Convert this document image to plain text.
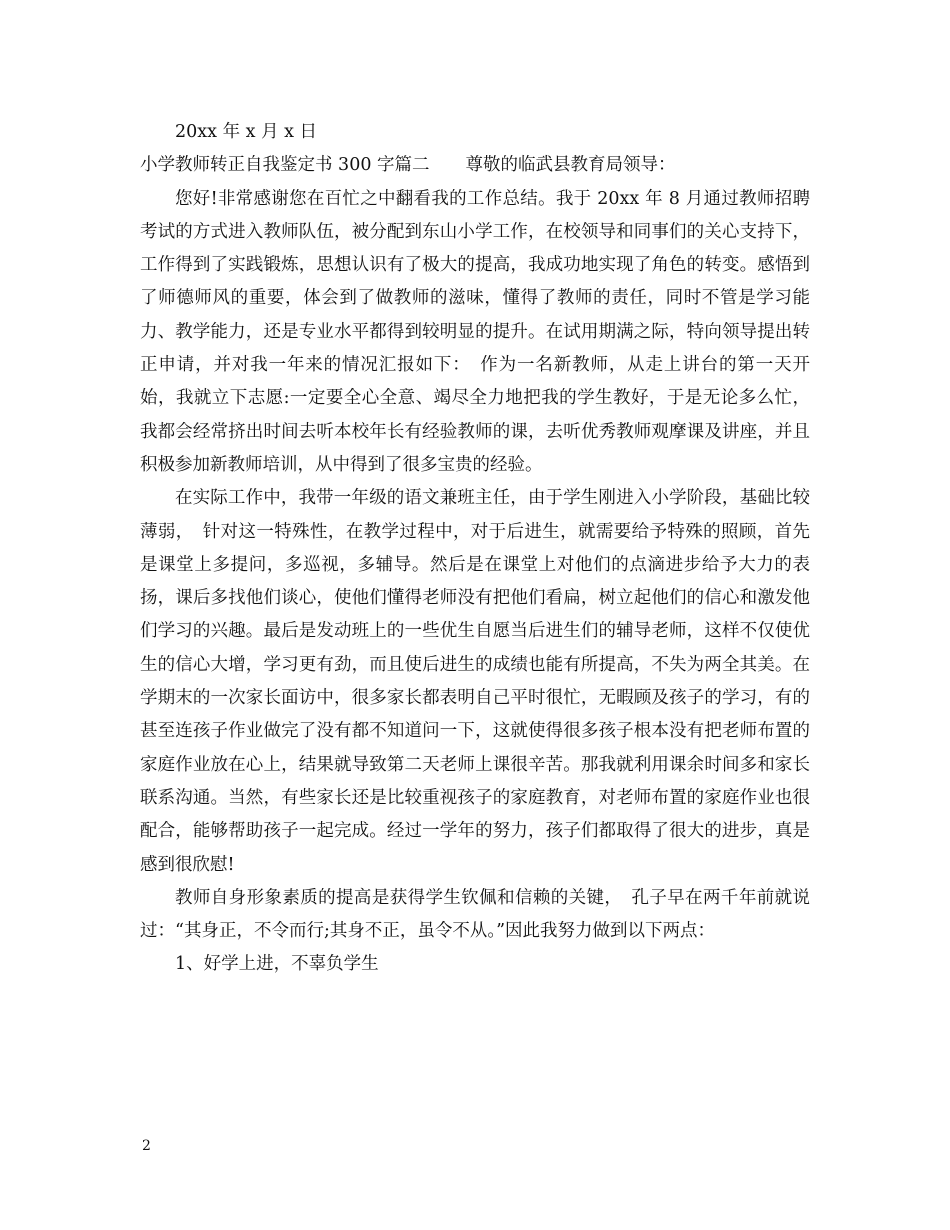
20xx 年 x 月 x 日

小学教师转正自我鉴定书 300 字篇二 尊敬的临武县教育局领导：

您好!非常感谢您在百忙之中翻看我的工作总结。我于 20xx 年 8 月通过教师招聘考试的方式进入教师队伍，被分配到东山小学工作，在校领导和同事们的关心支持下，工作得到了实践锻炼，思想认识有了极大的提高，我成功地实现了角色的转变。感悟到了师德师风的重要，体会到了做教师的滋味，懂得了教师的责任，同时不管是学习能力、教学能力，还是专业水平都得到较明显的提升。在试用期满之际，特向领导提出转正申请，并对我一年来的情况汇报如下：　作为一名新教师，从走上讲台的第一天开始，我就立下志愿:一定要全心全意、竭尽全力地把我的学生教好，于是无论多么忙，我都会经常挤出时间去听本校年长有经验教师的课，去听优秀教师观摩课及讲座，并且积极参加新教师培训，从中得到了很多宝贵的经验。

在实际工作中，我带一年级的语文兼班主任，由于学生刚进入小学阶段，基础比较薄弱，　针对这一特殊性，在教学过程中，对于后进生，就需要给予特殊的照顾，首先是课堂上多提问，多巡视，多辅导。然后是在课堂上对他们的点滴进步给予大力的表扬，课后多找他们谈心，使他们懂得老师没有把他们看扁，树立起他们的信心和激发他们学习的兴趣。最后是发动班上的一些优生自愿当后进生们的辅导老师，这样不仅使优生的信心大增，学习更有劲，而且使后进生的成绩也能有所提高，不失为两全其美。在学期末的一次家长面访中，很多家长都表明自己平时很忙，无暇顾及孩子的学习，有的甚至连孩子作业做完了没有都不知道问一下，这就使得很多孩子根本没有把老师布置的家庭作业放在心上，结果就导致第二天老师上课很辛苦。那我就利用课余时间多和家长联系沟通。当然，有些家长还是比较重视孩子的家庭教育，对老师布置的家庭作业也很配合，能够帮助孩子一起完成。经过一学年的努力，孩子们都取得了很大的进步，真是感到很欣慰!

教师自身形象素质的提高是获得学生钦佩和信赖的关键，　孔子早在两千年前就说过：“其身正，不令而行;其身不正，虽令不从。”因此我努力做到以下两点：

1、好学上进，不辜负学生

2
